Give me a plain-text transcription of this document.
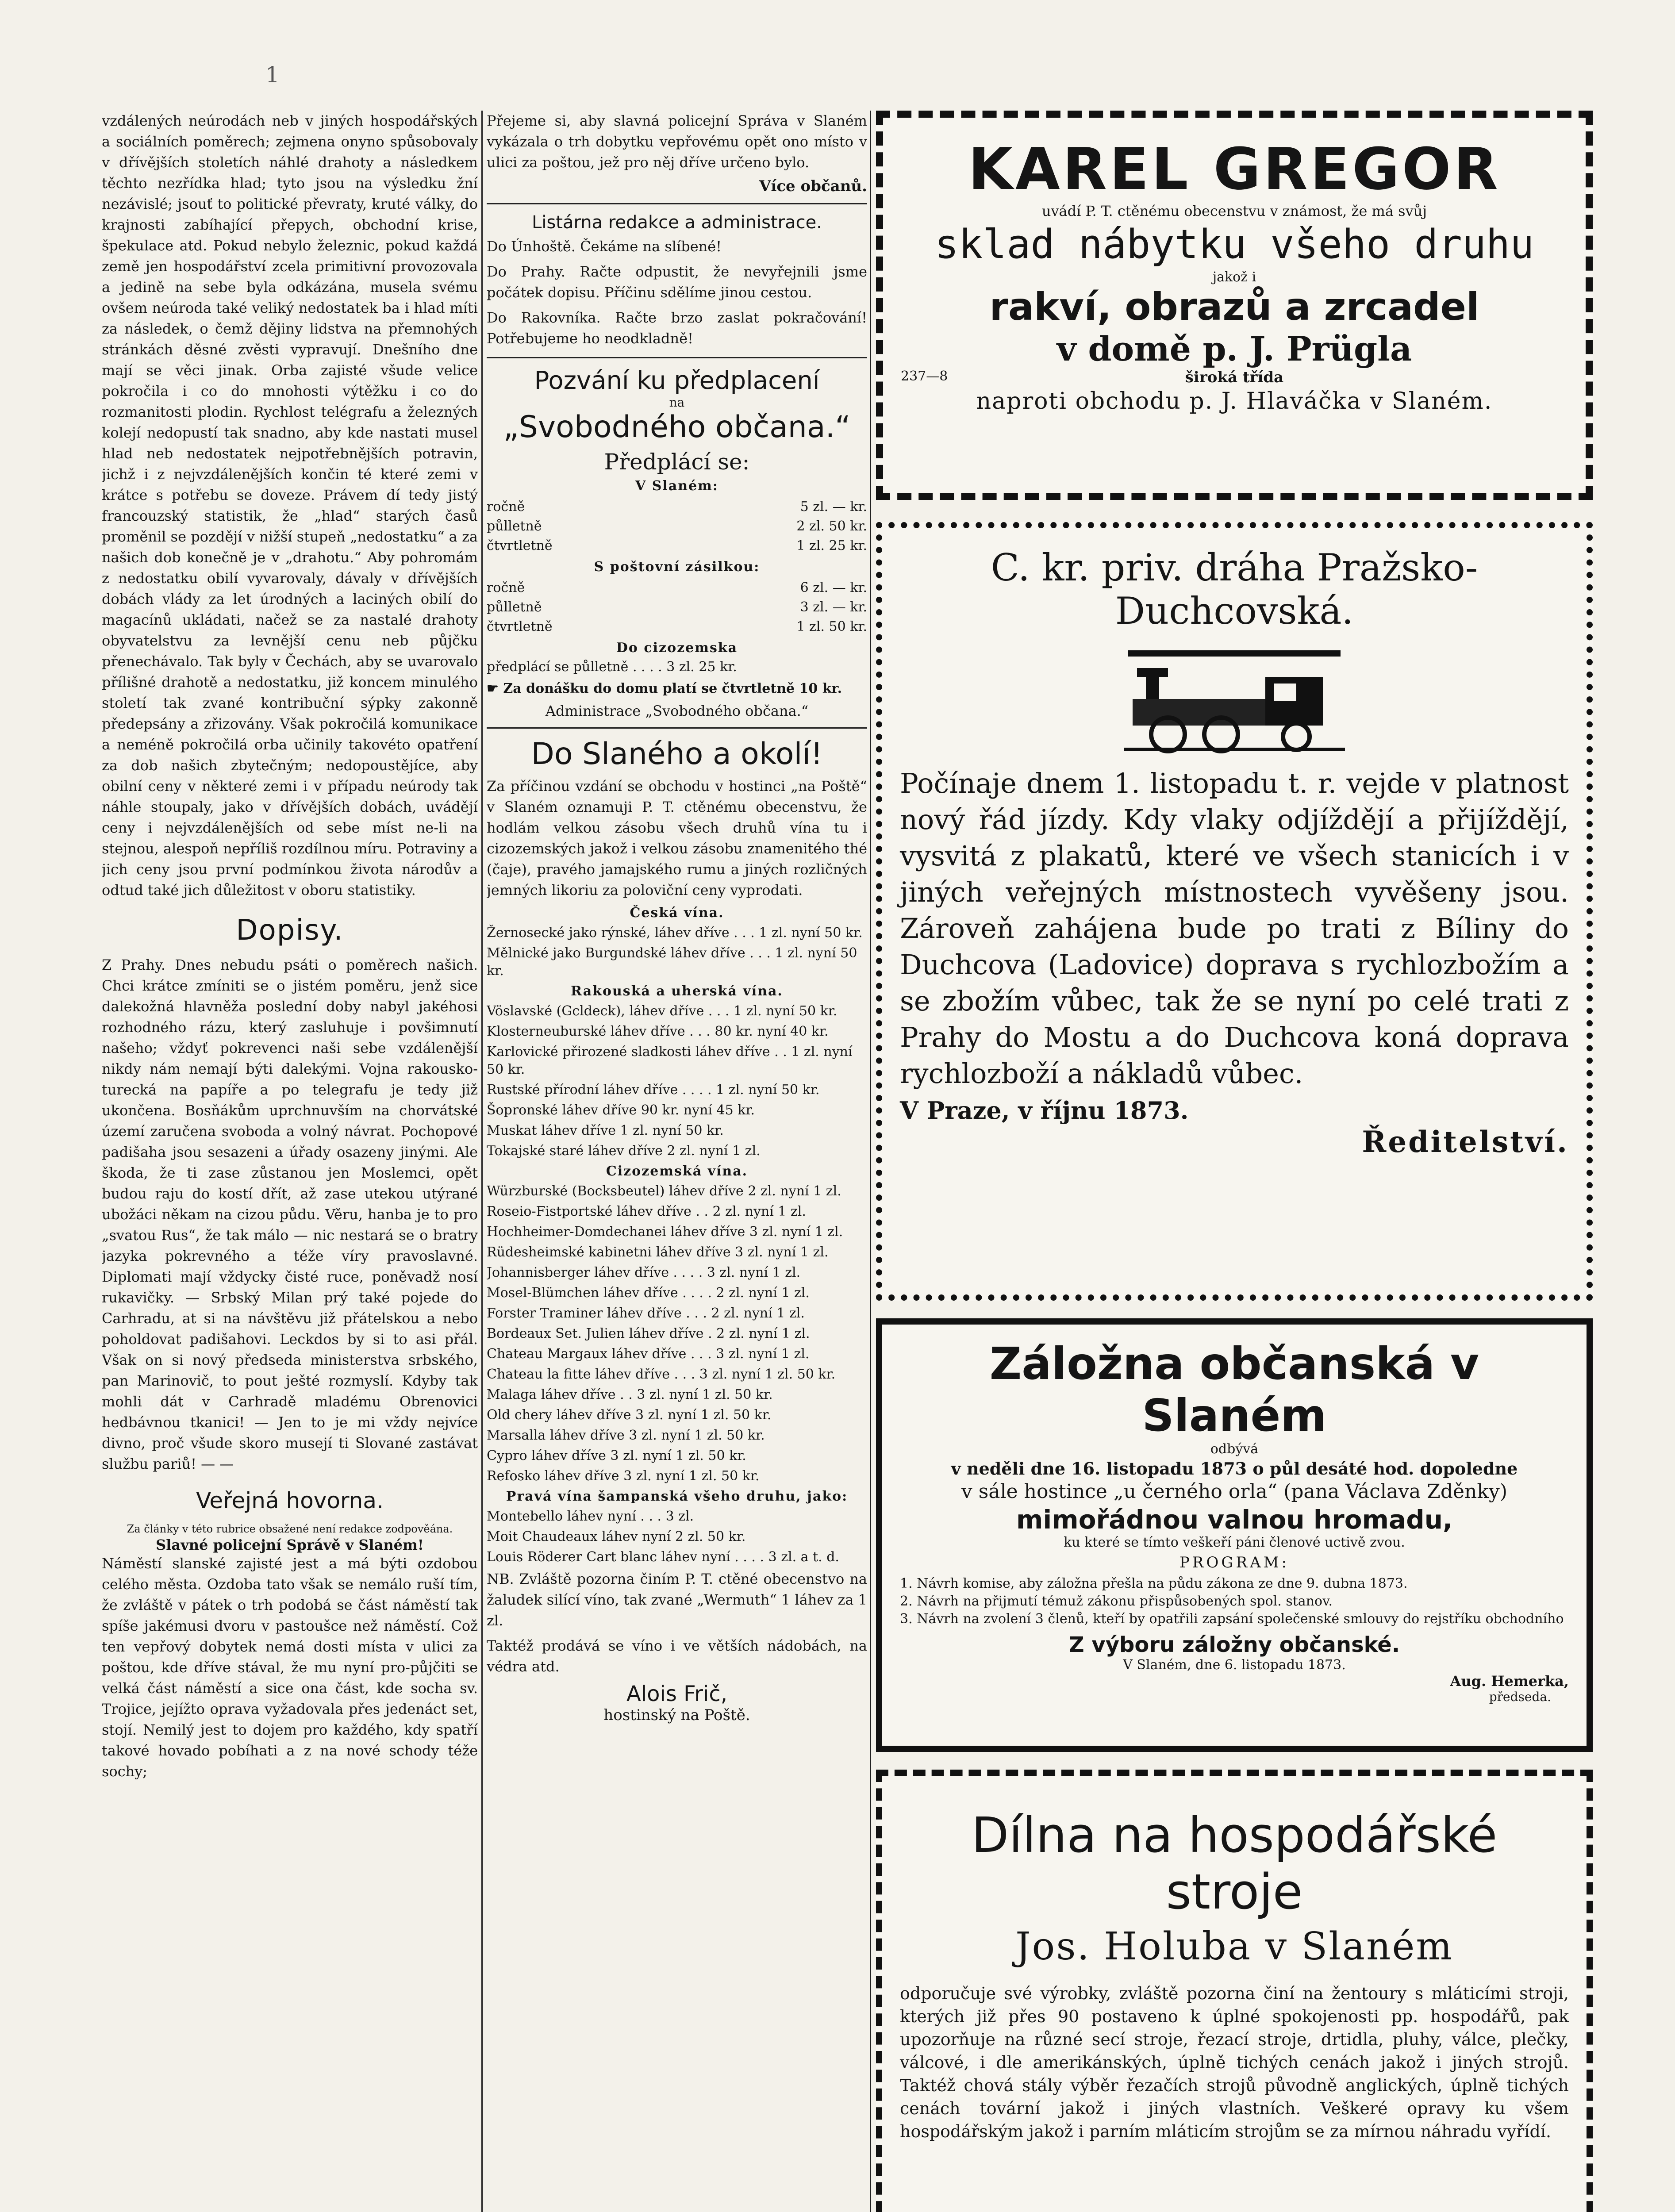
1

vzdálených neúrodách neb v jiných hospodářských a sociálních poměrech; zejmena onyno spůsobovaly v dřívějších stoletích náhlé drahoty a následkem těchto nezřídka hlad; tyto jsou na výsledku žní nezávislé; jsouť to politické převraty, kruté války, do krajnosti zabíhající přepych, obchodní krise, špekulace atd. Pokud nebylo železnic, pokud každá země jen hospodářství zcela primitivní provozovala a jedině na sebe byla odkázána, musela svému ovšem neúroda také veliký nedostatek ba i hlad míti za následek, o čemž dějiny lidstva na přemnohých stránkách děsné zvěsti vypravují. Dnešního dne mají se věci jinak. Orba zajisté všude velice pokročila i co do mnohosti výtěžku i co do rozmanitosti plodin. Rychlost telégrafu a železných kolejí nedopustí tak snadno, aby kde nastati musel hlad neb nedostatek nejpotřebnějších potravin, jichž i z nejvzdálenějších končin té které zemi v krátce s potřebu se doveze. Právem dí tedy jistý francouzský statistik, že „hlad“ starých časů proměnil se pozdějí v nižší stupeň „nedostatku“ a za našich dob konečně je v „drahotu.“ Aby pohromám z nedostatku obilí vyvarovaly, dávaly v dřívějších dobách vlády za let úrodných a laciných obilí do magacínů ukládati, načež se za nastalé drahoty obyvatelstvu za levnější cenu neb půjčku přenechávalo. Tak byly v Čechách, aby se uvarovalo přílišné drahotě a nedostatku, již koncem minulého století tak zvané kontribuční sýpky zakonně předepsány a zřizovány. Však pokročilá komunikace a neméně pokročilá orba učinily takovéto opatření za dob našich zbytečným; nedopoustějíce, aby obilní ceny v některé zemi i v případu neúrody tak náhle stoupaly, jako v dřívějších dobách, uvádějí ceny i nejvzdálenějších od sebe míst ne-li na stejnou, alespoň nepříliš rozdílnou míru. Potraviny a jich ceny jsou první podmínkou života národův a odtud také jich důležitost v oboru statistiky.

Dopisy.

Z Prahy. Dnes nebudu psáti o poměrech našich. Chci krátce zmíniti se o jistém poměru, jenž sice dalekožná hlavněža poslední doby nabyl jakéhosi rozhodného rázu, který zasluhuje i povšimnutí našeho; vždyť pokrevenci naši sebe vzdálenější nikdy nám nemají býti dalekými. Vojna rakousko-turecká na papíře a po telegrafu je tedy již ukončena. Bosňákům uprchnuvším na chorvátské území zaručena svoboda a volný návrat. Pochopové padišaha jsou sesazeni a úřady osazeny jinými. Ale škoda, že ti zase zůstanou jen Moslemci, opět budou raju do kostí dřít, až zase utekou utýrané ubožáci někam na cizou půdu. Věru, hanba je to pro „svatou Rus“, že tak málo — nic nestará se o bratry jazyka pokrevného a téže víry pravoslavné. Diplomati mají vždycky čisté ruce, poněvadž nosí rukavičky. — Srbský Milan prý také pojede do Carhradu, at si na návštěvu již přátelskou a nebo poholdovat padišahovi. Leckdos by si to asi přál. Však on si nový předseda ministerstva srbského, pan Marinovič, to pout ješté rozmyslí. Kdyby tak mohli dát v Carhradě mladému Obrenovici hedbávnou tkanici! — Jen to je mi vždy nejvíce divno, proč všude skoro musejí ti Slované zastávat službu pariů! — —

Veřejná hovorna.
Za články v této rubrice obsažené není redakce zodpověána.
Slavné policejní Správě v Slaném!

Náměstí slanské zajisté jest a má býti ozdobou celého města. Ozdoba tato však se nemálo ruší tím, že zvláště v pátek o trh podobá se část náměstí tak spíše jakémusi dvoru v pastoušce než náměstí. Což ten vepřový dobytek nemá dosti místa v ulici za poštou, kde dříve stával, že mu nyní pro-půjčiti se velká část náměstí a sice ona část, kde socha sv. Trojice, jejížto oprava vyžadovala přes jedenáct set, stojí. Nemilý jest to dojem pro každého, kdy spatří takové hovado pobíhati a z na nové schody téže sochy;

Přejeme si, aby slavná policejní Správa v Slaném vykázala o trh dobytku vepřovému opět ono místo v ulici za poštou, jež pro něj dříve určeno bylo.

Více občanů.
Listárna redakce a administrace.

Do Únhoště. Čekáme na slíbené!

Do Prahy. Račte odpustit, že nevyřejnili jsme počátek dopisu. Příčinu sdělíme jinou cestou.

Do Rakovníka. Račte brzo zaslat pokračování! Potřebujeme ho neodkladně!

Pozvání ku předplacení
na
„Svobodného občana.“
Předplácí se:
V Slaném:
ročně	5 zl. — kr.
půlletně	2 zl. 50 kr.
čtvrtletně	1 zl. 25 kr.
S poštovní zásilkou:
ročně	6 zl. — kr.
půlletně	3 zl. — kr.
čtvrtletně	1 zl. 50 kr.
Do cizozemska
předplácí se půlletně . . . . 3 zl. 25 kr.
☛ Za donášku do domu platí se čtvrtletně 10 kr.
Administrace „Svobodného občana.“
Do Slaného a okolí!

Za příčinou vzdání se obchodu v hostinci „na Poště“ v Slaném oznamuji P. T. ctěnému obecenstvu, že hodlám velkou zásobu všech druhů vína tu i cizozemských jakož i velkou zásobu znamenitého thé (čaje), pravého jamajského rumu a jiných rozličných jemných likoriu za poloviční ceny vyprodati.

Česká vína.
Žernosecké jako rýnské, láhev dříve . . . 1 zl. nyní 50 kr.
Mělnické jako Burgundské láhev dříve . . . 1 zl. nyní 50 kr.
Rakouská a uherská vína.
Vöslavské (Gcldeck), láhev dříve . . . 1 zl. nyní 50 kr.
Klosterneuburské láhev dříve . . . 80 kr. nyní 40 kr.
Karlovické přirozené sladkosti láhev dříve . . 1 zl. nyní 50 kr.
Rustské přírodní láhev dříve . . . . 1 zl. nyní 50 kr.
Šopronské láhev dříve 90 kr. nyní 45 kr.
Muskat láhev dříve 1 zl. nyní 50 kr.
Tokajské staré láhev dříve 2 zl. nyní 1 zl.
Cizozemská vína.
Würzburské (Bocksbeutel) láhev dříve 2 zl. nyní 1 zl.
Roseio-Fistportské láhev dříve . . 2 zl. nyní 1 zl.
Hochheimer-Domdechanei láhev dříve 3 zl. nyní 1 zl.
Rüdesheimské kabinetni láhev dříve 3 zl. nyní 1 zl.
Johannisberger láhev dříve . . . . 3 zl. nyní 1 zl.
Mosel-Blümchen láhev dříve . . . . 2 zl. nyní 1 zl.
Forster Traminer láhev dříve . . . 2 zl. nyní 1 zl.
Bordeaux Set. Julien láhev dříve . 2 zl. nyní 1 zl.
Chateau Margaux láhev dříve . . . 3 zl. nyní 1 zl.
Chateau la fitte láhev dříve . . . 3 zl. nyní 1 zl. 50 kr.
Malaga láhev dříve . . 3 zl. nyní 1 zl. 50 kr.
Old chery láhev dříve 3 zl. nyní 1 zl. 50 kr.
Marsalla láhev dříve 3 zl. nyní 1 zl. 50 kr.
Cypro láhev dříve 3 zl. nyní 1 zl. 50 kr.
Refosko láhev dříve 3 zl. nyní 1 zl. 50 kr.
Pravá vína šampanská všeho druhu, jako:
Montebello láhev nyní . . . 3 zl.
Moit Chaudeaux láhev nyní 2 zl. 50 kr.
Louis Röderer Cart blanc láhev nyní . . . . 3 zl. a t. d.

NB. Zvláště pozorna činím P. T. ctěné obecenstvo na žaludek silící víno, tak zvané „Wermuth“ 1 láhev za 1 zl.

Taktéž prodává se víno i ve větších nádobách, na védra atd.

Alois Frič,
hostinský na Poště.
KAREL GREGOR
uvádí P. T. ctěnému obecenstvu v známost, že má svůj
sklad nábytku všeho druhu
jakož i
rakví, obrazů a zrcadel
v domě p. J. Prügla
237—8	široká třída
naproti obchodu p. J. Hlaváčka v Slaném.
C. kr. priv. dráha Pražsko-Duchcovská.

Počínaje dnem 1. listopadu t. r. vejde v platnost nový řád jízdy. Kdy vlaky odjíždějí a přijíždějí, vysvitá z plakatů, které ve všech stanicích i v jiných veřejných místnostech vyvěšeny jsou. Zároveň zahájena bude po trati z Bíliny do Duchcova (Ladovice) doprava s rychlozbožím a se zbožím vůbec, tak že se nyní po celé trati z Prahy do Mostu a do Duchcova koná doprava rychlozboží a nákladů vůbec.

V Praze, v říjnu 1873.
Ředitelství.
Záložna občanská v Slaném
odbývá
v neděli dne 16. listopadu 1873 o půl desáté hod. dopoledne
v sále hostince „u černého orla“ (pana Václava Zděnky)
mimořádnou valnou hromadu,
ku které se tímto veškeří páni členové uctivě zvou.
PROGRAM:
1. Návrh komise, aby záložna přešla na půdu zákona ze dne 9. dubna 1873.
2. Návrh na přijmutí témuž zákonu přispůsobených spol. stanov.
3. Návrh na zvolení 3 členů, kteří by opatřili zapsání společenské smlouvy do rejstříku obchodního
Z výboru záložny občanské.
V Slaném, dne 6. listopadu 1873.
Aug. Hemerka,
předseda.
Dílna na hospodářské stroje
Jos. Holuba v Slaném

odporučuje své výrobky, zvláště pozorna činí na žentoury s mláticími stroji, kterých již přes 90 postaveno k úplné spokojenosti pp. hospodářů, pak upozorňuje na různé secí stroje, řezací stroje, drtidla, pluhy, válce, plečky, válcové, i dle amerikánských, úplně tichých cenách jakož i jiných strojů. Taktéž chová stály výběr řezačích strojů původně anglických, úplně tichých cenách tovární jakož i jiných vlastních. Veškeré opravy ku všem hospodářským jakož i parním mláticím strojům se za mírnou náhradu vyřídí.
